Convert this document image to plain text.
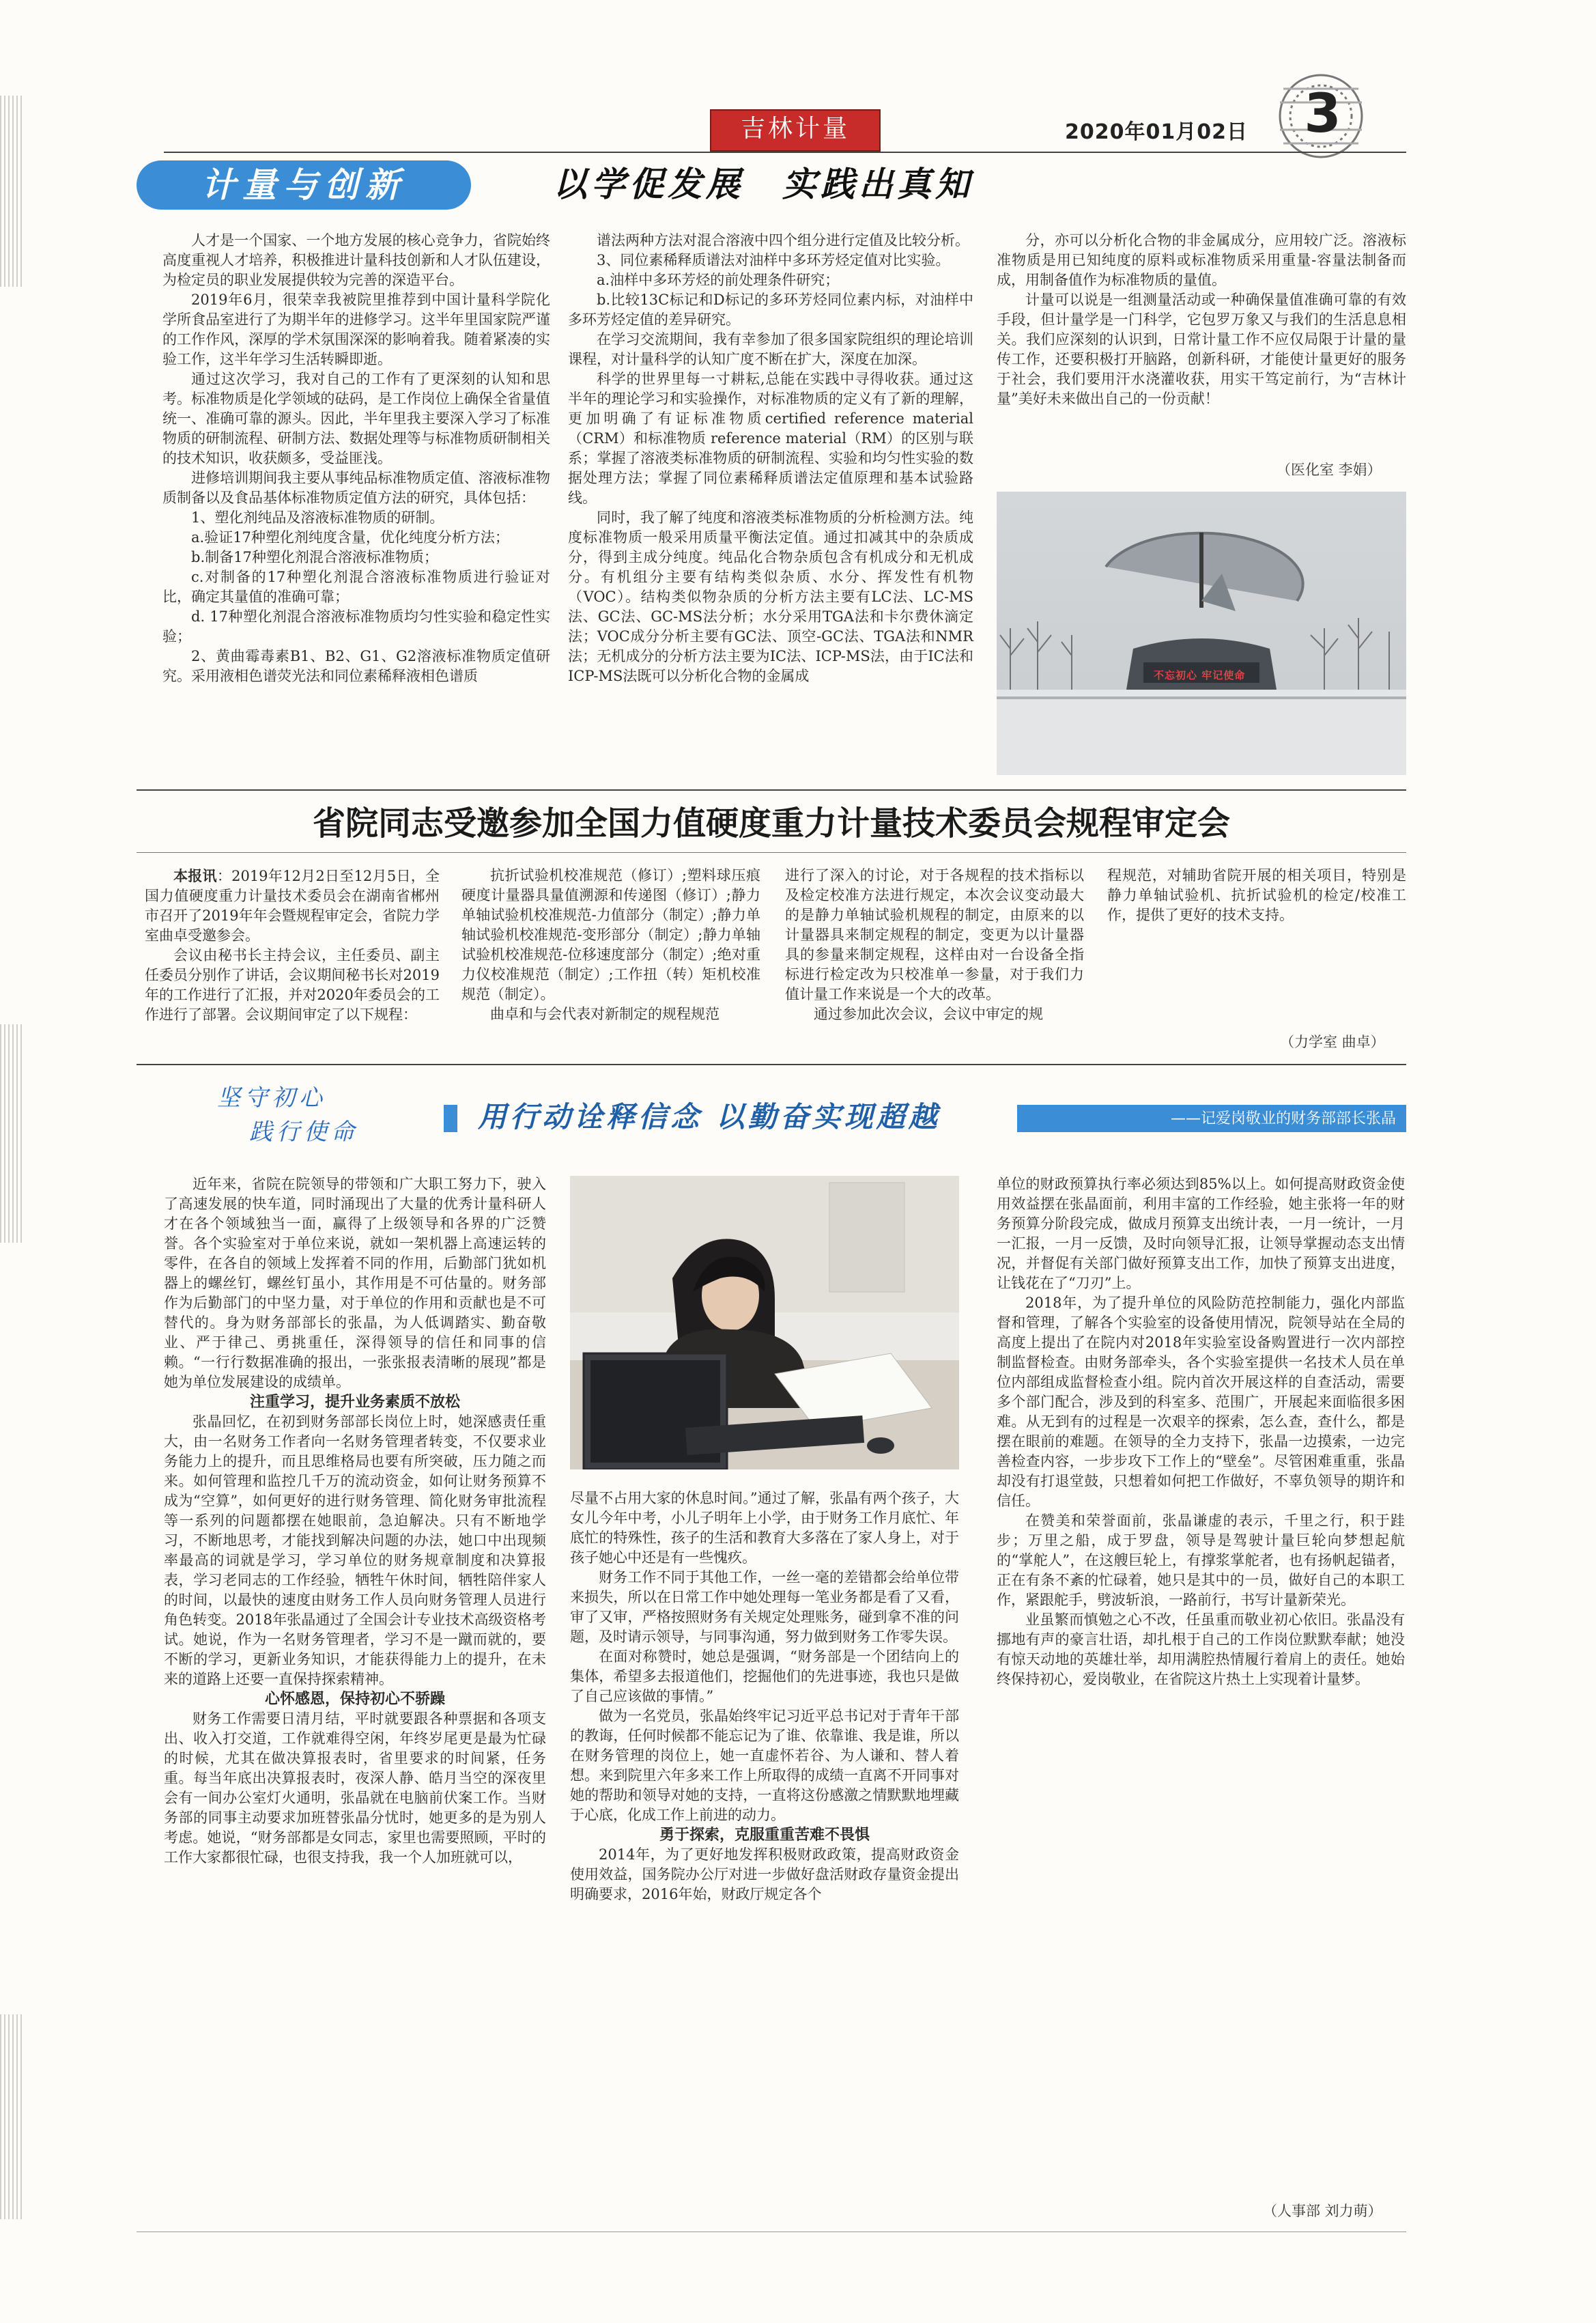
吉林计量	2020年01月02日 3
计量与创新	以学促发展　实践出真知

人才是一个国家、一个地方发展的核心竞争力，省院始终高度重视人才培养，积极推进计量科技创新和人才队伍建设，为检定员的职业发展提供较为完善的深造平台。

2019年6月，很荣幸我被院里推荐到中国计量科学院化学所食品室进行了为期半年的进修学习。这半年里国家院严谨的工作作风，深厚的学术氛围深深的影响着我。随着紧凑的实验工作，这半年学习生活转瞬即逝。

通过这次学习，我对自己的工作有了更深刻的认知和思考。标准物质是化学领域的砝码，是工作岗位上确保全省量值统一、准确可靠的源头。因此，半年里我主要深入学习了标准物质的研制流程、研制方法、数据处理等与标准物质研制相关的技术知识，收获颇多，受益匪浅。

进修培训期间我主要从事纯品标准物质定值、溶液标准物质制备以及食品基体标准物质定值方法的研究，具体包括：

1、塑化剂纯品及溶液标准物质的研制。

a.验证17种塑化剂纯度含量，优化纯度分析方法；

b.制备17种塑化剂混合溶液标准物质；

c.对制备的17种塑化剂混合溶液标准物质进行验证对比，确定其量值的准确可靠；

d. 17种塑化剂混合溶液标准物质均匀性实验和稳定性实验；

2、黄曲霉毒素B1、B2、G1、G2溶液标准物质定值研究。采用液相色谱荧光法和同位素稀释液相色谱质

谱法两种方法对混合溶液中四个组分进行定值及比较分析。

3、同位素稀释质谱法对油样中多环芳烃定值对比实验。

a.油样中多环芳烃的前处理条件研究；

b.比较13C标记和D标记的多环芳烃同位素内标，对油样中多环芳烃定值的差异研究。

在学习交流期间，我有幸参加了很多国家院组织的理论培训课程，对计量科学的认知广度不断在扩大，深度在加深。

科学的世界里每一寸耕耘,总能在实践中寻得收获。通过这半年的理论学习和实验操作，对标准物质的定义有了新的理解，更加明确了有证标准物质certified reference material（CRM）和标准物质 reference material（RM）的区别与联系；掌握了溶液类标准物质的研制流程、实验和均匀性实验的数据处理方法；掌握了同位素稀释质谱法定值原理和基本试验路线。

同时，我了解了纯度和溶液类标准物质的分析检测方法。纯度标准物质一般采用质量平衡法定值。通过扣减其中的杂质成分，得到主成分纯度。纯品化合物杂质包含有机成分和无机成分。有机组分主要有结构类似杂质、水分、挥发性有机物（VOC）。结构类似物杂质的分析方法主要有LC法、LC-MS法、GC法、GC-MS法分析；水分采用TGA法和卡尔费休滴定法；VOC成分分析主要有GC法、顶空-GC法、TGA法和NMR法；无机成分的分析方法主要为IC法、ICP-MS法，由于IC法和ICP-MS法既可以分析化合物的金属成

分，亦可以分析化合物的非金属成分，应用较广泛。溶液标准物质是用已知纯度的原料或标准物质采用重量-容量法制备而成，用制备值作为标准物质的量值。

计量可以说是一组测量活动或一种确保量值准确可靠的有效手段，但计量学是一门科学，它包罗万象又与我们的生活息息相关。我们应深刻的认识到，日常计量工作不应仅局限于计量的量传工作，还要积极打开脑路，创新科研，才能使计量更好的服务于社会，我们要用汗水浇灌收获，用实干笃定前行，为“吉林计量”美好未来做出自己的一份贡献！

（医化室 李娟）
不忘初心 牢记使命
省院同志受邀参加全国力值硬度重力计量技术委员会规程审定会

本报讯：2019年12月2日至12月5日，全国力值硬度重力计量技术委员会在湖南省郴州市召开了2019年年会暨规程审定会，省院力学室曲卓受邀参会。

会议由秘书长主持会议，主任委员、副主任委员分别作了讲话，会议期间秘书长对2019年的工作进行了汇报，并对2020年委员会的工作进行了部署。会议期间审定了以下规程：

抗折试验机校准规范（修订）;塑料球压痕硬度计量器具量值溯源和传递图（修订）;静力单轴试验机校准规范-力值部分（制定）;静力单轴试验机校准规范-变形部分（制定）;静力单轴试验机校准规范-位移速度部分（制定）;绝对重力仪校准规范（制定）;工作扭（转）矩机校准规范（制定）。

曲卓和与会代表对新制定的规程规范

进行了深入的讨论，对于各规程的技术指标以及检定校准方法进行规定，本次会议变动最大的是静力单轴试验机规程的制定，由原来的以计量器具来制定规程的制定，变更为以计量器具的参量来制定规程，这样由对一台设备全指标进行检定改为只校准单一参量，对于我们力值计量工作来说是一个大的改革。

通过参加此次会议，会议中审定的规

程规范，对辅助省院开展的相关项目，特别是静力单轴试验机、抗折试验机的检定/校准工作，提供了更好的技术支持。

（力学室 曲卓）
坚守初心
践行使命	用行动诠释信念 以勤奋实现超越	——记爱岗敬业的财务部部长张晶

近年来，省院在院领导的带领和广大职工努力下，驶入了高速发展的快车道，同时涌现出了大量的优秀计量科研人才在各个领域独当一面，赢得了上级领导和各界的广泛赞誉。各个实验室对于单位来说，就如一架机器上高速运转的零件，在各自的领域上发挥着不同的作用，后勤部门犹如机器上的螺丝钉，螺丝钉虽小，其作用是不可估量的。财务部作为后勤部门的中坚力量，对于单位的作用和贡献也是不可替代的。身为财务部部长的张晶，为人低调踏实、勤奋敬业、严于律己、勇挑重任，深得领导的信任和同事的信赖。“一行行数据准确的报出，一张张报表清晰的展现”都是她为单位发展建设的成绩单。

注重学习，提升业务素质不放松

张晶回忆，在初到财务部部长岗位上时，她深感责任重大，由一名财务工作者向一名财务管理者转变，不仅要求业务能力上的提升，而且思维格局也要有所突破，压力随之而来。如何管理和监控几千万的流动资金，如何让财务预算不成为“空算”，如何更好的进行财务管理、简化财务审批流程等一系列的问题都摆在她眼前，急迫解决。只有不断地学习，不断地思考，才能找到解决问题的办法，她口中出现频率最高的词就是学习，学习单位的财务规章制度和决算报表，学习老同志的工作经验，牺牲午休时间，牺牲陪伴家人的时间，以最快的速度由财务工作人员向财务管理人员进行角色转变。2018年张晶通过了全国会计专业技术高级资格考试。她说，作为一名财务管理者，学习不是一蹴而就的，要不断的学习，更新业务知识，才能获得能力上的提升，在未来的道路上还要一直保持探索精神。

心怀感恩，保持初心不骄躁

财务工作需要日清月结，平时就要跟各种票据和各项支出、收入打交道，工作就难得空闲，年终岁尾更是最为忙碌的时候，尤其在做决算报表时，省里要求的时间紧，任务重。每当年底出决算报表时，夜深人静、皓月当空的深夜里会有一间办公室灯火通明，张晶就在电脑前伏案工作。当财务部的同事主动要求加班替张晶分忧时，她更多的是为别人考虑。她说，“财务部都是女同志，家里也需要照顾，平时的工作大家都很忙碌，也很支持我，我一个人加班就可以，

尽量不占用大家的休息时间。”通过了解，张晶有两个孩子，大女儿今年中考，小儿子明年上小学，由于财务工作月底忙、年底忙的特殊性，孩子的生活和教育大多落在了家人身上，对于孩子她心中还是有一些愧疚。

财务工作不同于其他工作，一丝一毫的差错都会给单位带来损失，所以在日常工作中她处理每一笔业务都是看了又看，审了又审，严格按照财务有关规定处理账务，碰到拿不准的问题，及时请示领导，与同事沟通，努力做到财务工作零失误。

在面对称赞时，她总是强调，“财务部是一个团结向上的集体，希望多去报道他们，挖掘他们的先进事迹，我也只是做了自己应该做的事情。”

做为一名党员，张晶始终牢记习近平总书记对于青年干部的教诲，任何时候都不能忘记为了谁、依靠谁、我是谁，所以在财务管理的岗位上，她一直虚怀若谷、为人谦和、替人着想。来到院里六年多来工作上所取得的成绩一直离不开同事对她的帮助和领导对她的支持，一直将这份感激之情默默地埋藏于心底，化成工作上前进的动力。

勇于探索，克服重重苦难不畏惧

2014年，为了更好地发挥积极财政政策，提高财政资金使用效益，国务院办公厅对进一步做好盘活财政存量资金提出明确要求，2016年始，财政厅规定各个

单位的财政预算执行率必须达到85%以上。如何提高财政资金使用效益摆在张晶面前，利用丰富的工作经验，她主张将一年的财务预算分阶段完成，做成月预算支出统计表，一月一统计，一月一汇报，一月一反馈，及时向领导汇报，让领导掌握动态支出情况，并督促有关部门做好预算支出工作，加快了预算支出进度，让钱花在了“刀刃”上。

2018年，为了提升单位的风险防范控制能力，强化内部监督和管理，了解各个实验室的设备使用情况，院领导站在全局的高度上提出了在院内对2018年实验室设备购置进行一次内部控制监督检查。由财务部牵头，各个实验室提供一名技术人员在单位内部组成监督检查小组。院内首次开展这样的自查活动，需要多个部门配合，涉及到的科室多、范围广，开展起来面临很多困难。从无到有的过程是一次艰辛的探索，怎么查，查什么，都是摆在眼前的难题。在领导的全力支持下，张晶一边摸索，一边完善检查内容，一步步攻下工作上的“壁垒”。尽管困难重重，张晶却没有打退堂鼓，只想着如何把工作做好，不辜负领导的期许和信任。

在赞美和荣誉面前，张晶谦虚的表示，千里之行，积于跬步；万里之船，成于罗盘，领导是驾驶计量巨轮向梦想起航的“掌舵人”，在这艘巨轮上，有撑浆掌舵者，也有扬帆起锚者，正在有条不紊的忙碌着，她只是其中的一员，做好自己的本职工作，紧跟舵手，劈波斩浪，一路前行，书写计量新荣光。

业虽繁而慎勉之心不改，任虽重而敬业初心依旧。张晶没有挪地有声的豪言壮语，却扎根于自己的工作岗位默默奉献；她没有惊天动地的英雄壮举，却用满腔热情履行着肩上的责任。她始终保持初心，爱岗敬业，在省院这片热土上实现着计量梦。

（人事部 刘力萌）
